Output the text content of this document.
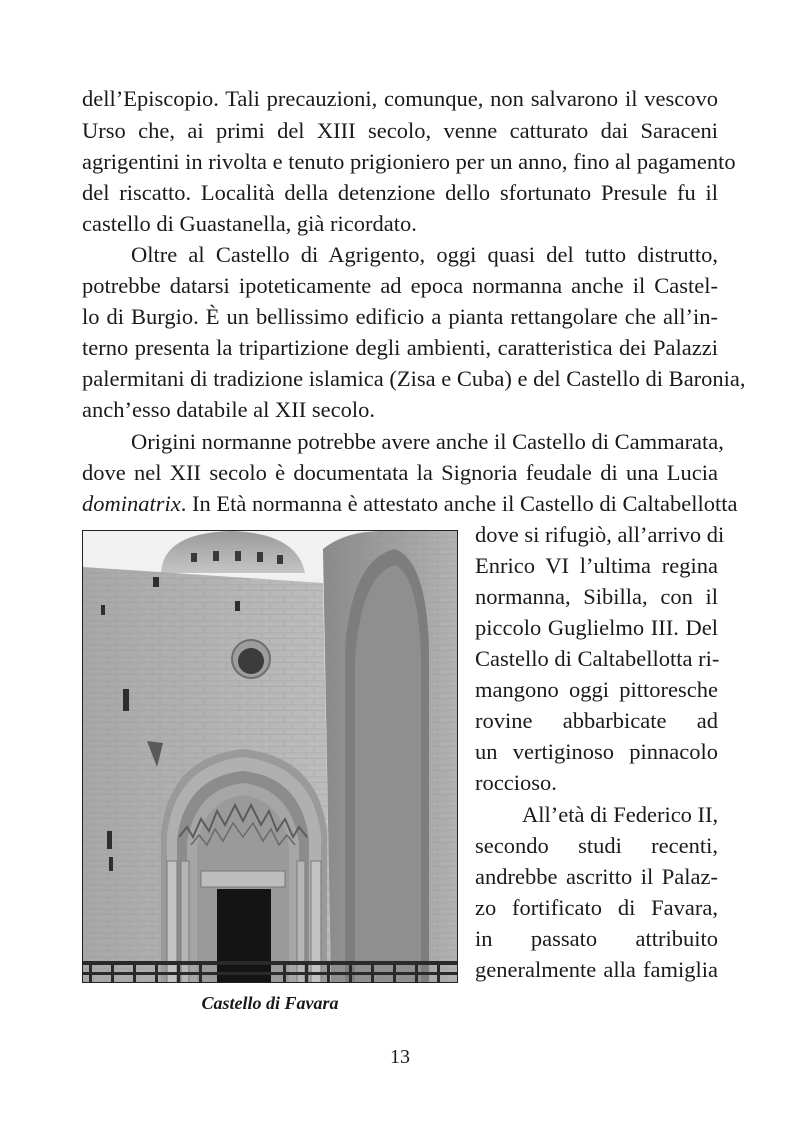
dell’Episcopio. Tali precauzioni, comunque, non salvarono il vescovo
Urso che, ai primi del XIII secolo, venne catturato dai Saraceni
agrigentini in rivolta e tenuto prigioniero per un anno, fino al pagamento
del riscatto. Località della detenzione dello sfortunato Presule fu il
castello di Guastanella, già ricordato.
Oltre al Castello di Agrigento, oggi quasi del tutto distrutto,
potrebbe datarsi ipoteticamente ad epoca normanna anche il Castel-
lo di Burgio. È un bellissimo edificio a pianta rettangolare che all’in-
terno presenta la tripartizione degli ambienti, caratteristica dei Palazzi
palermitani di tradizione islamica (Zisa e Cuba) e del Castello di Baronia,
anch’esso databile al XII secolo.
Origini normanne potrebbe avere anche il Castello di Cammarata,
dove nel XII secolo è documentata la Signoria feudale di una Lucia
dominatrix. In Età normanna è attestato anche il Castello di Caltabellotta
dove si rifugiò, all’arrivo di
Enrico VI l’ultima regina
normanna, Sibilla, con il
piccolo Guglielmo III. Del
Castello di Caltabellotta ri-
mangono oggi pittoresche
rovine abbarbicate ad
un vertiginoso pinnacolo
roccioso.
All’età di Federico II,
secondo studi recenti,
andrebbe ascritto il Palaz-
zo fortificato di Favara,
in passato attribuito
generalmente alla famiglia
Castello di Favara
13
